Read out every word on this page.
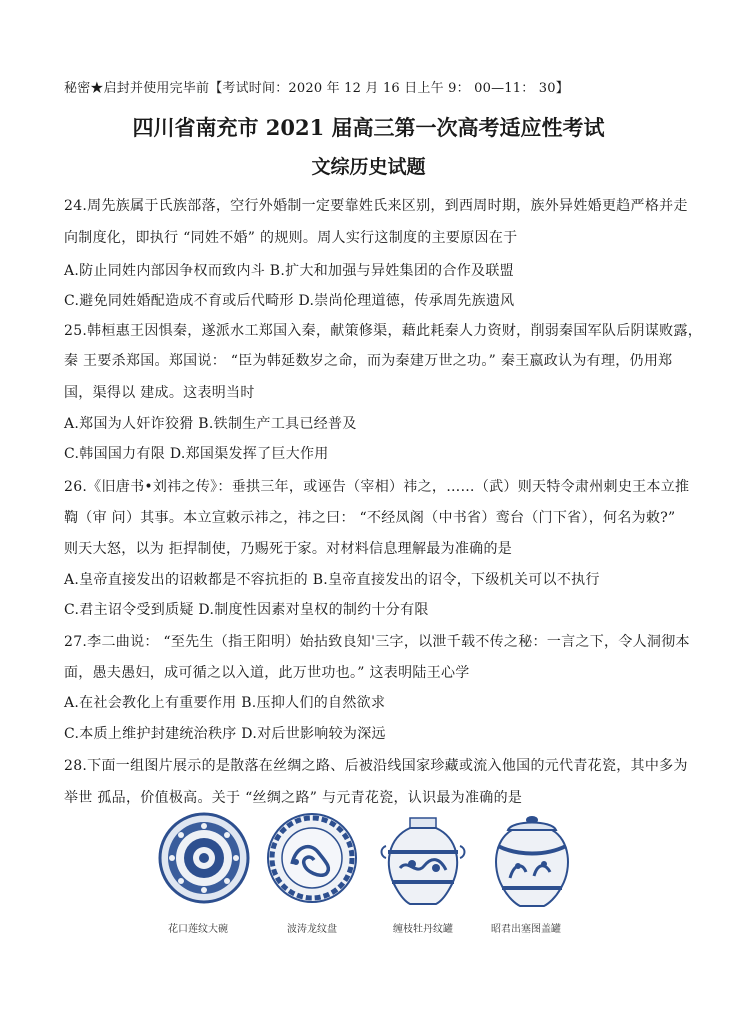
秘密★启封并使用完毕前【考试时间：2020 年 12 月 16 日上午 9： 00—11： 30】
四川省南充市 2021 届高三第一次高考适应性考试
文综历史试题
24.周先族属于氏族部落，空行外婚制一定要靠姓氏来区别，到西周时期，族外异姓婚更趋严格并走
向制度化，即执行 “同姓不婚” 的规则。周人实行这制度的主要原因在于
A.防止同姓内部因争权而致内斗 B.扩大和加强与异姓集团的合作及联盟
C.避免同姓婚配造成不育或后代畸形 D.崇尚伦理道德，传承周先族遗风
25.韩桓惠王因惧秦，遂派水工郑国入秦，献策修渠，藉此耗秦人力资财，削弱秦国军队后阴谋败露，
秦 王要杀郑国。郑国说： “臣为韩延数岁之命，而为秦建万世之功。” 秦王嬴政认为有理，仍用郑
国，渠得以 建成。这表明当时
A.郑国为人奸诈狡猾 B.铁制生产工具已经普及
C.韩国国力有限 D.郑国渠发挥了巨大作用
26.《旧唐书•刘祎之传》：垂拱三年，或诬告（宰相）祎之，……（武）则天特令肃州刺史王本立推
鞫（审 问）其事。本立宣敕示祎之，祎之曰： “不经凤阁（中书省）鸾台（门下省），何名为敕?”
则天大怒，以为 拒捍制使，乃赐死于家。对材料信息理解最为准确的是
A.皇帝直接发出的诏敕都是不容抗拒的 B.皇帝直接发出的诏令，下级机关可以不执行
C.君主诏令受到质疑 D.制度性因素对皇权的制约十分有限
27.李二曲说： “至先生（指王阳明）始拈致良知'三字，以泄千载不传之秘：一言之下，令人洞彻本
面，愚夫愚妇，成可循之以入道，此万世功也。” 这表明陆王心学
A.在社会教化上有重要作用 B.压抑人们的自然欲求
C.本质上维护封建统治秩序 D.对后世影响较为深远
28.下面一组图片展示的是散落在丝绸之路、后被沿线国家珍藏或流入他国的元代青花瓷，其中多为
举世 孤品，价值极高。关于 “丝绸之路” 与元青花瓷，认识最为准确的是
花口莲纹大碗	波涛龙纹盘	缠枝牡丹纹罐	昭君出塞图盖罐
